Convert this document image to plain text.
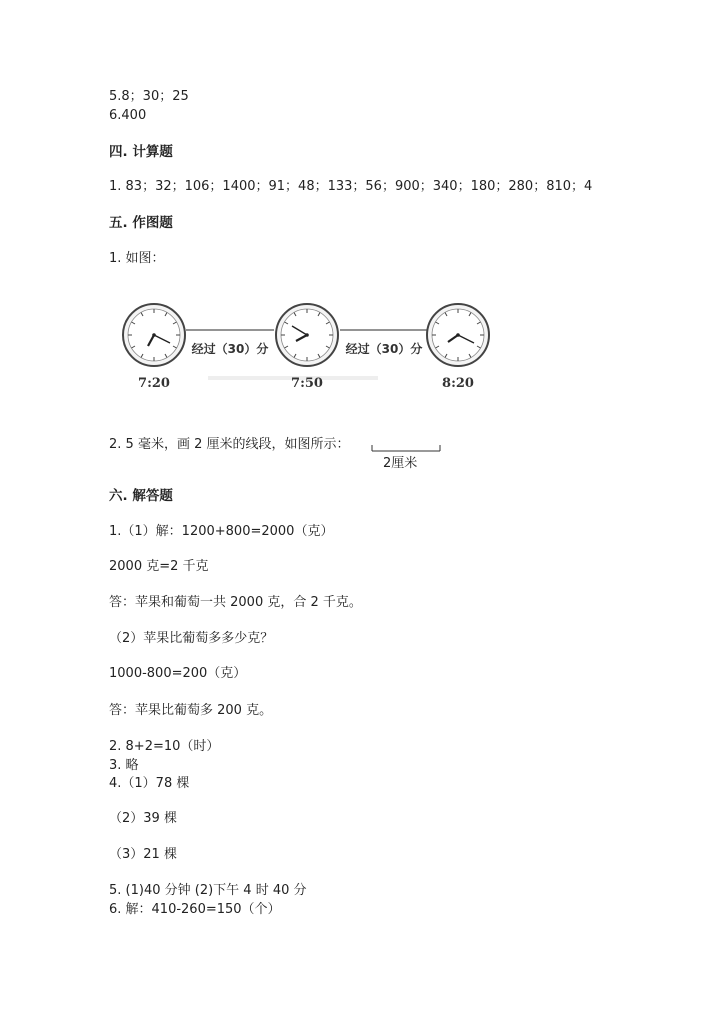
5.8；30；25
6.400
四. 计算题
1. 83；32；106；1400；91；48；133；56；900；340；180；280；810；4
五. 作图题
1. 如图：
经过（30）分	经过（30）分
7:20	7:50	8:20
2. 5 毫米，画 2 厘米的线段，如图所示：
2厘米
六. 解答题
1.（1）解：1200+800=2000（克）
2000 克=2 千克
答：苹果和葡萄一共 2000 克，合 2 千克。
（2）苹果比葡萄多多少克？
1000-800=200（克）
答：苹果比葡萄多 200 克。
2. 8+2=10（时）
3. 略
4.（1）78 棵
（2）39 棵
（3）21 棵
5. (1)40 分钟 (2)下午 4 时 40 分
6. 解：410-260=150（个）
